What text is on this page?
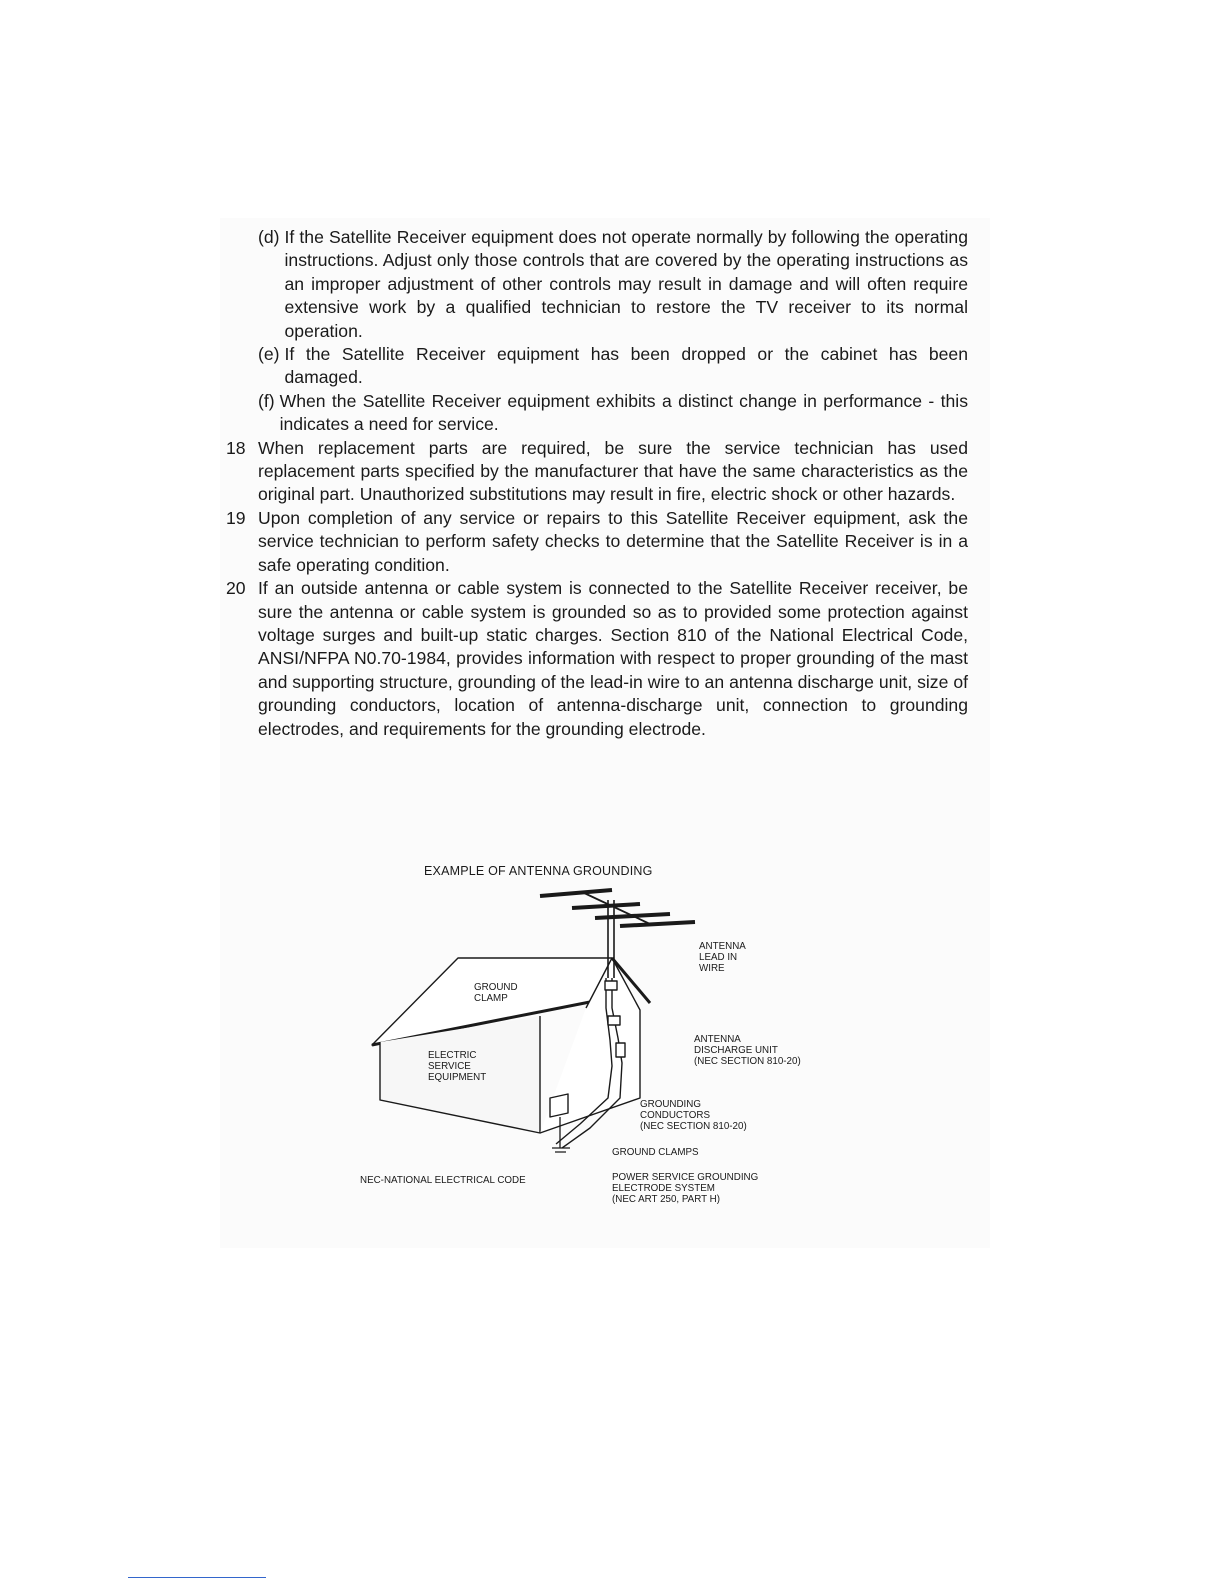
(d) If the Satellite Receiver equipment does not operate normally by following the operating instructions. Adjust only those controls that are covered by the operating instructions as an improper adjustment of other controls may result in damage and will often require extensive work by a qualified technician to restore the TV receiver to its normal operation.
(e) If the Satellite Receiver equipment has been dropped or the cabinet has been damaged.
(f) When the Satellite Receiver equipment exhibits a distinct change in performance - this indicates a need for service.
18 When replacement parts are required, be sure the service technician has used replacement parts specified by the manufacturer that have the same characteristics as the original part. Unauthorized substitutions may result in fire, electric shock or other hazards.
19 Upon completion of any service or repairs to this Satellite Receiver equipment, ask the service technician to perform safety checks to determine that the Satellite Receiver is in a safe operating condition.
20 If an outside antenna or cable system is connected to the Satellite Receiver receiver, be sure the antenna or cable system is grounded so as to provided some protection against voltage surges and built-up static charges. Section 810 of the National Electrical Code, ANSI/NFPA N0.70-1984, provides information with respect to proper grounding of the mast and supporting structure, grounding of the lead-in wire to an antenna discharge unit, size of grounding conductors, location of antenna-discharge unit, connection to grounding electrodes, and requirements for the grounding electrode.
EXAMPLE OF ANTENNA GROUNDING
GROUND
CLAMP
ELECTRIC
SERVICE
EQUIPMENT
ANTENNA
LEAD IN
WIRE
ANTENNA
DISCHARGE UNIT
(NEC SECTION 810-20)
GROUNDING
CONDUCTORS
(NEC SECTION 810-20)
GROUND CLAMPS
NEC-NATIONAL ELECTRICAL CODE	POWER SERVICE GROUNDING
ELECTRODE SYSTEM
(NEC ART 250, PART H)
